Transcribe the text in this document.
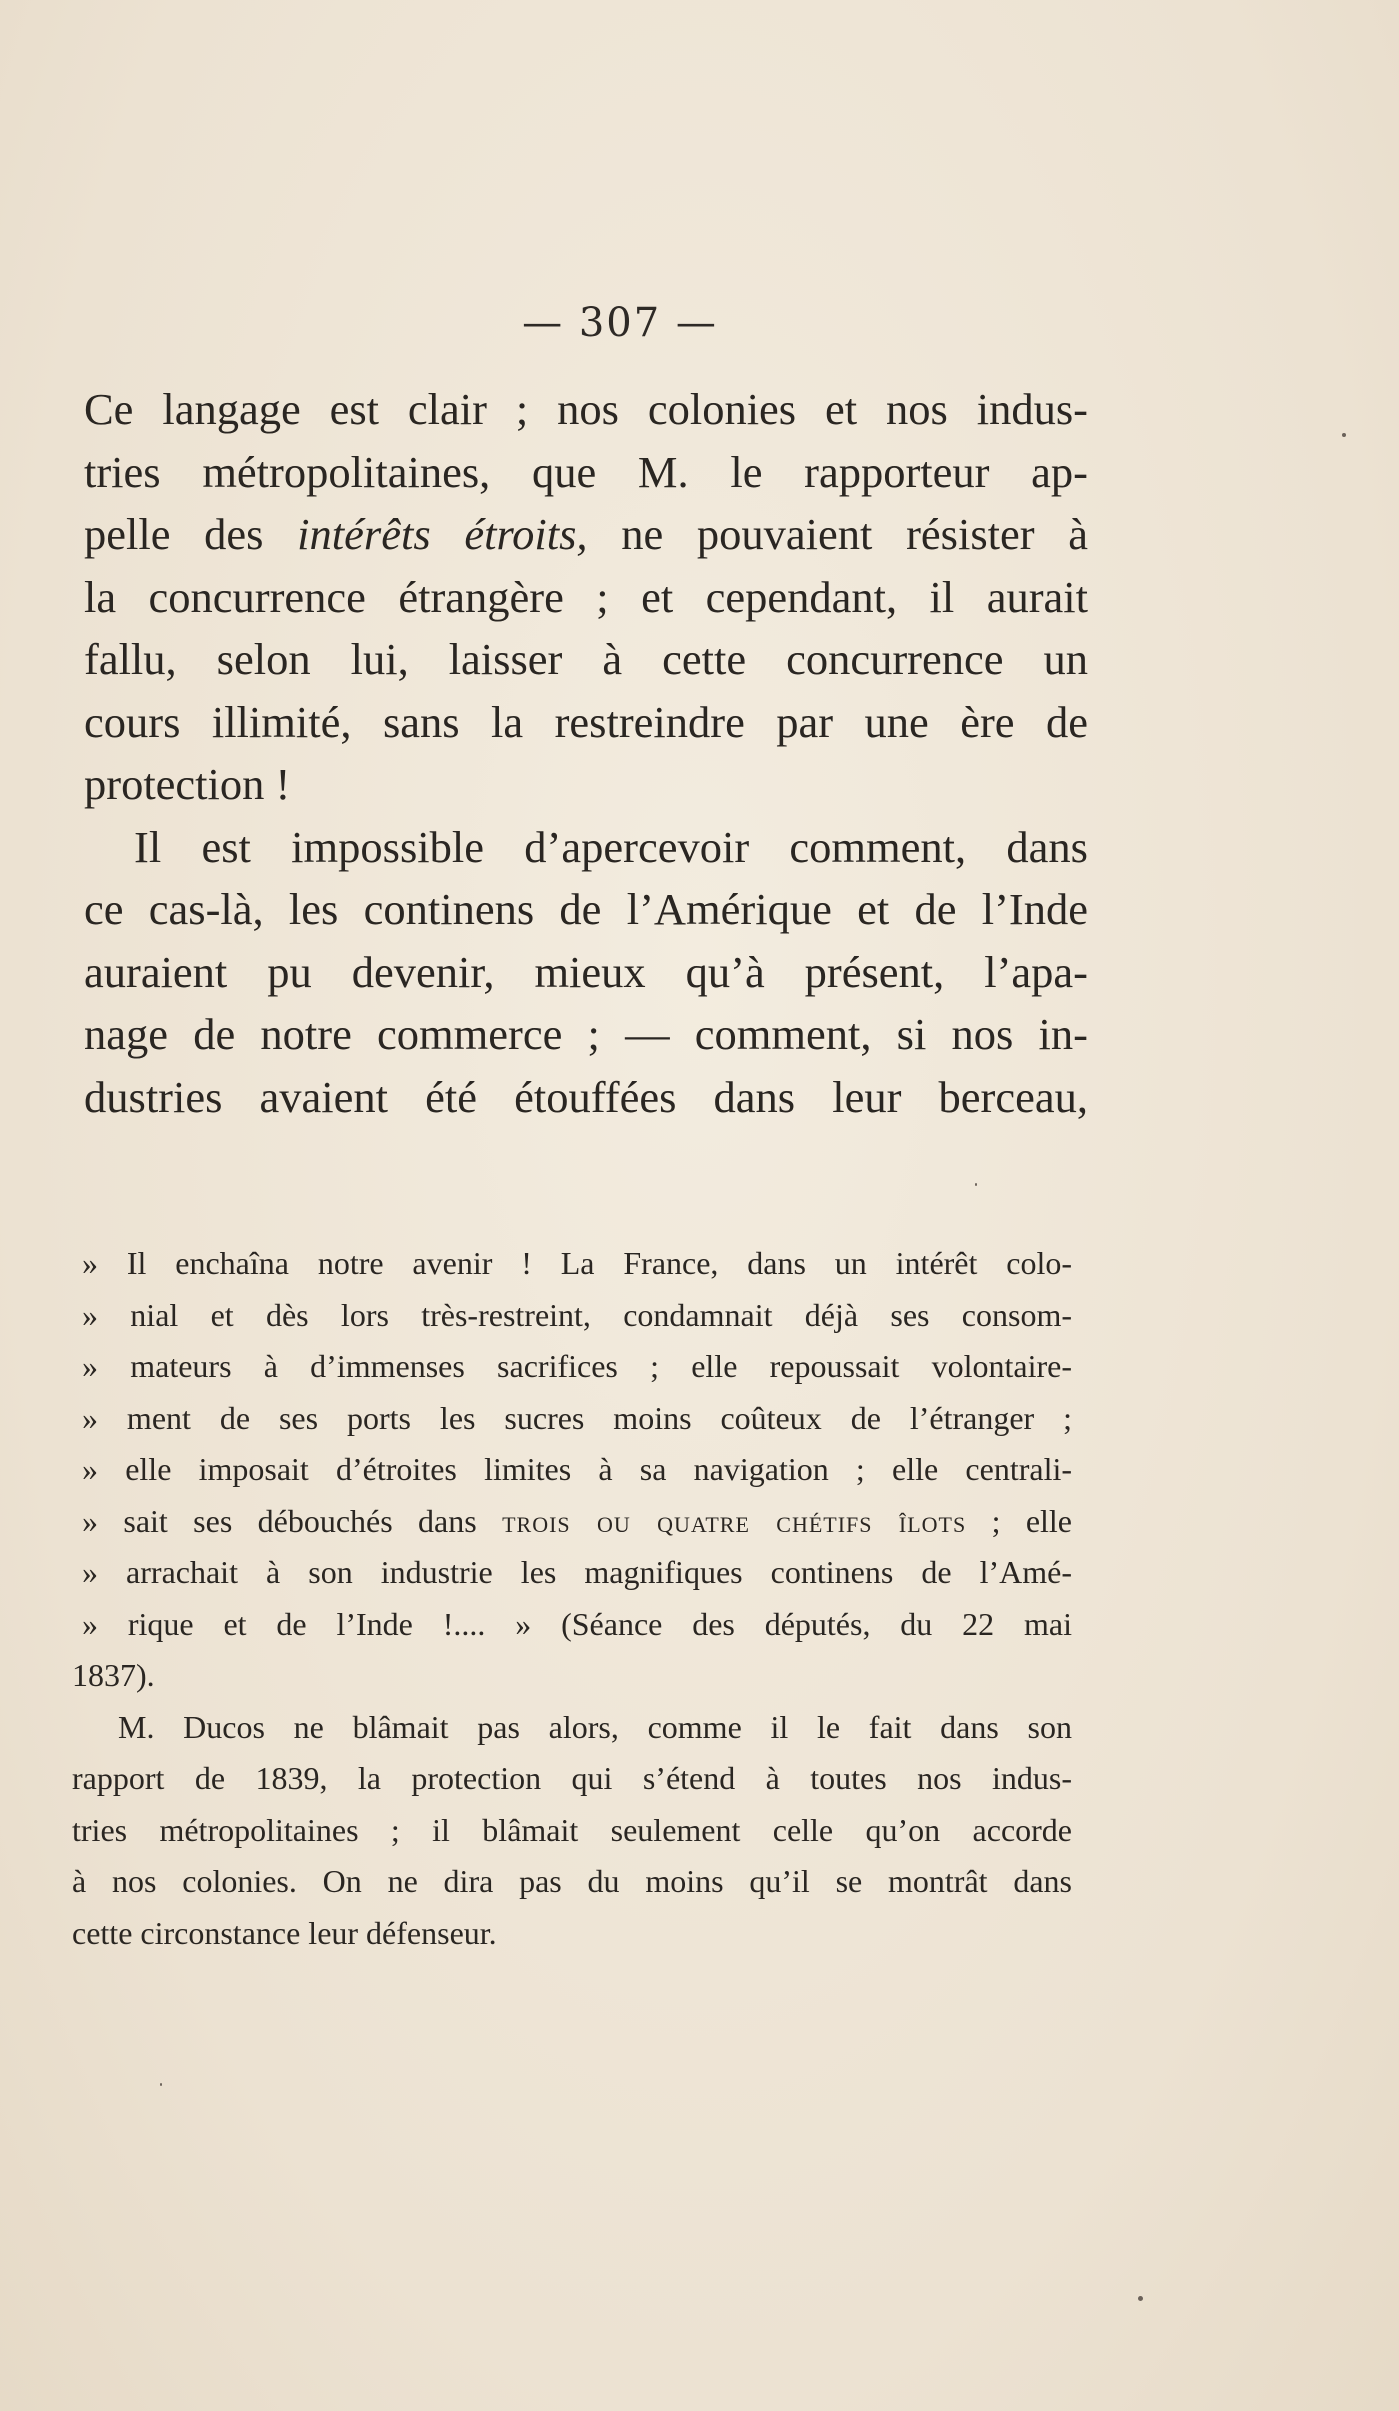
— 307 —
Ce langage est clair ; nos colonies et nos indus-
tries métropolitaines, que M. le rapporteur ap-
pelle des intérêts étroits, ne pouvaient résister à
la concurrence étrangère ; et cependant, il aurait
fallu, selon lui, laisser à cette concurrence un
cours illimité, sans la restreindre par une ère de
protection !
Il est impossible d’apercevoir comment, dans
ce cas-là, les continens de l’Amérique et de l’Inde
auraient pu devenir, mieux qu’à présent, l’apa-
nage de notre commerce ; — comment, si nos in-
dustries avaient été étouffées dans leur berceau,
» Il enchaîna notre avenir ! La France, dans un intérêt colo-
» nial et dès lors très-restreint, condamnait déjà ses consom-
» mateurs à d’immenses sacrifices ; elle repoussait volontaire-
» ment de ses ports les sucres moins coûteux de l’étranger ;
» elle imposait d’étroites limites à sa navigation ; elle centrali-
» sait ses débouchés dans trois ou quatre chétifs îlots ; elle
» arrachait à son industrie les magnifiques continens de l’Amé-
» rique et de l’Inde !.... » (Séance des députés, du 22 mai
1837).
M. Ducos ne blâmait pas alors, comme il le fait dans son
rapport de 1839, la protection qui s’étend à toutes nos indus-
tries métropolitaines ; il blâmait seulement celle qu’on accorde
à nos colonies. On ne dira pas du moins qu’il se montrât dans
cette circonstance leur défenseur.
